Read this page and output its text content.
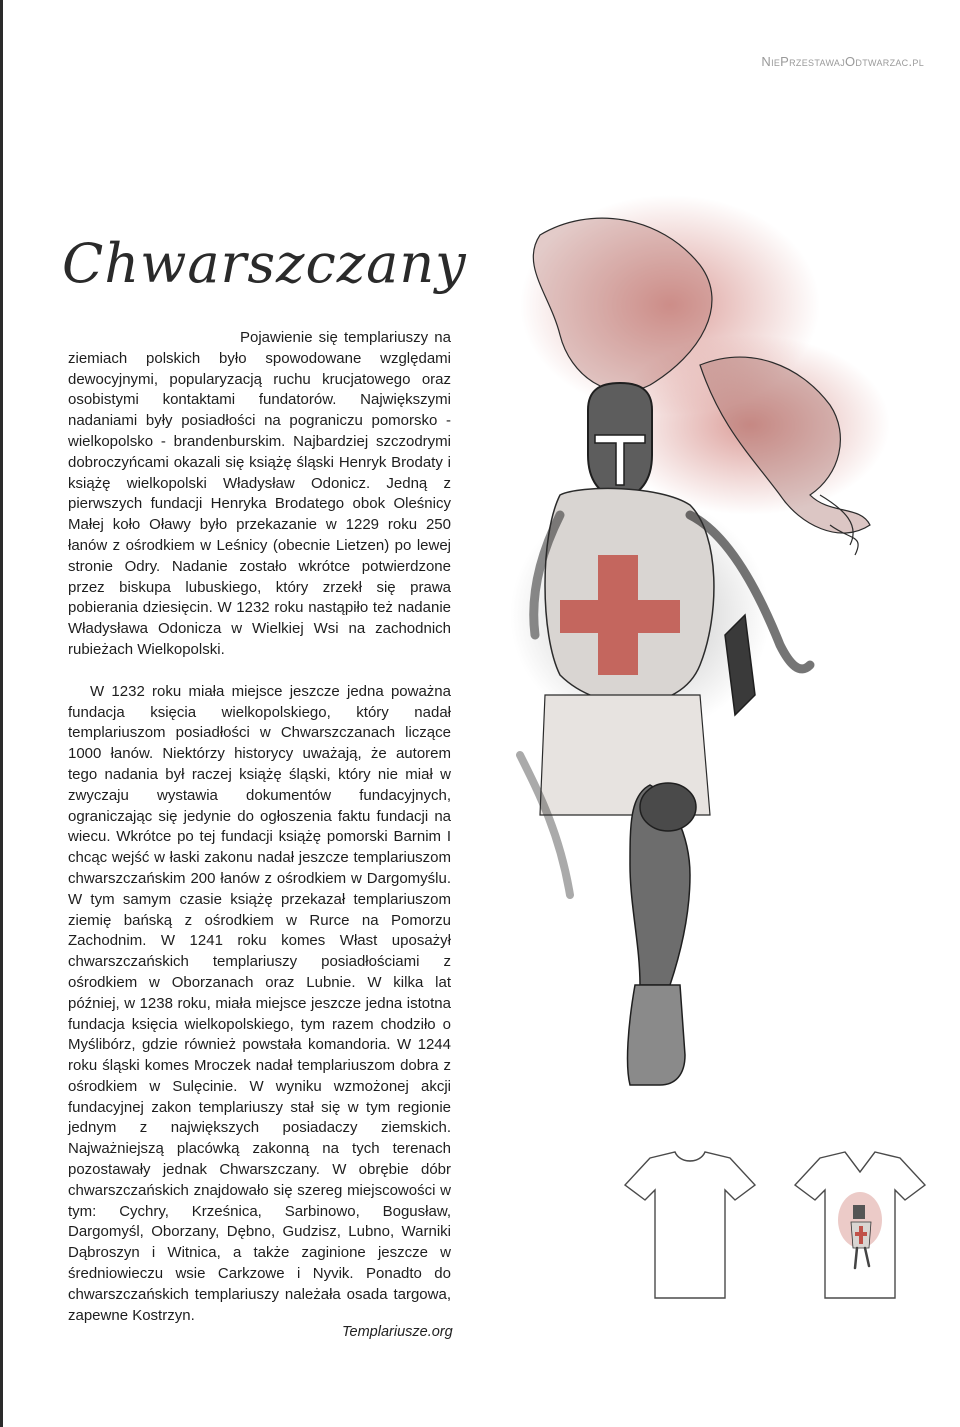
NiePrzestawajOdtwarzac.pl
Chwarszczany

Pojawienie się templariuszy na ziemiach polskich było spowodowane względami dewocyjnymi, popularyzacją ruchu krucjatowego oraz osobistymi kontaktami fundatorów. Największymi nadaniami były posiadłości na pograniczu pomorsko - wielkopolsko - brandenburskim. Najbardziej szczodrymi dobroczyńcami okazali się książę śląski Henryk Brodaty i książę wielkopolski Władysław Odonicz. Jedną z pierwszych fundacji Henryka Brodatego obok Oleśnicy Małej koło Oławy było przekazanie w 1229 roku 250 łanów z ośrodkiem w Leśnicy (obecnie Lietzen) po lewej stronie Odry. Nadanie zostało wkrótce potwierdzone przez biskupa lubuskiego, który zrzekł się prawa pobierania dziesięcin. W 1232 roku nastąpiło też nadanie Władysława Odonicza w Wielkiej Wsi na zachodnich rubieżach Wielkopolski.

W 1232 roku miała miejsce jeszcze jedna poważna fundacja księcia wielkopolskiego, który nadał templariuszom posiadłości w Chwarszczanach liczące 1000 łanów. Niektórzy historycy uważają, że autorem tego nadania był raczej książę śląski, który nie miał w zwyczaju wystawia dokumentów fundacyjnych, ograniczając się jedynie do ogłoszenia faktu fundacji na wiecu. Wkrótce po tej fundacji książę pomorski Barnim I chcąc wejść w łaski zakonu nadał jeszcze templariuszom chwarszczańskim 200 łanów z ośrodkiem w Dargomyślu. W tym samym czasie książę przekazał templariuszom ziemię bańską z ośrodkiem w Rurce na Pomorzu Zachodnim. W 1241 roku komes Włast uposażył chwarszczańskich templariuszy posiadłościami z ośrodkiem w Oborzanach oraz Lubnie. W kilka lat później, w 1238 roku, miała miejsce jeszcze jedna istotna fundacja księcia wielkopolskiego, tym razem chodziło o Myślibórz, gdzie również powstała komandoria. W 1244 roku śląski komes Mroczek nadał templariuszom dobra z ośrodkiem w Sulęcinie. W wyniku wzmożonej akcji fundacyjnej zakon templariuszy stał się w tym regionie jednym z największych posiadaczy ziemskich. Najważniejszą placówką zakonną na tych terenach pozostawały jednak Chwarszczany. W obrębie dóbr chwarszczańskich znajdowało się szereg miejscowości w tym: Cychry, Krześnica, Sarbinowo, Bogusław, Dargomyśl, Oborzany, Dębno, Gudzisz, Lubno, Warniki Dąbroszyn i Witnica, a także zaginione jeszcze w średniowieczu wsie Carkzowe i Nyvik. Ponadto do chwarszczańskich templariuszy należała osada targowa, zapewne Kostrzyn.

Templariusze.org
